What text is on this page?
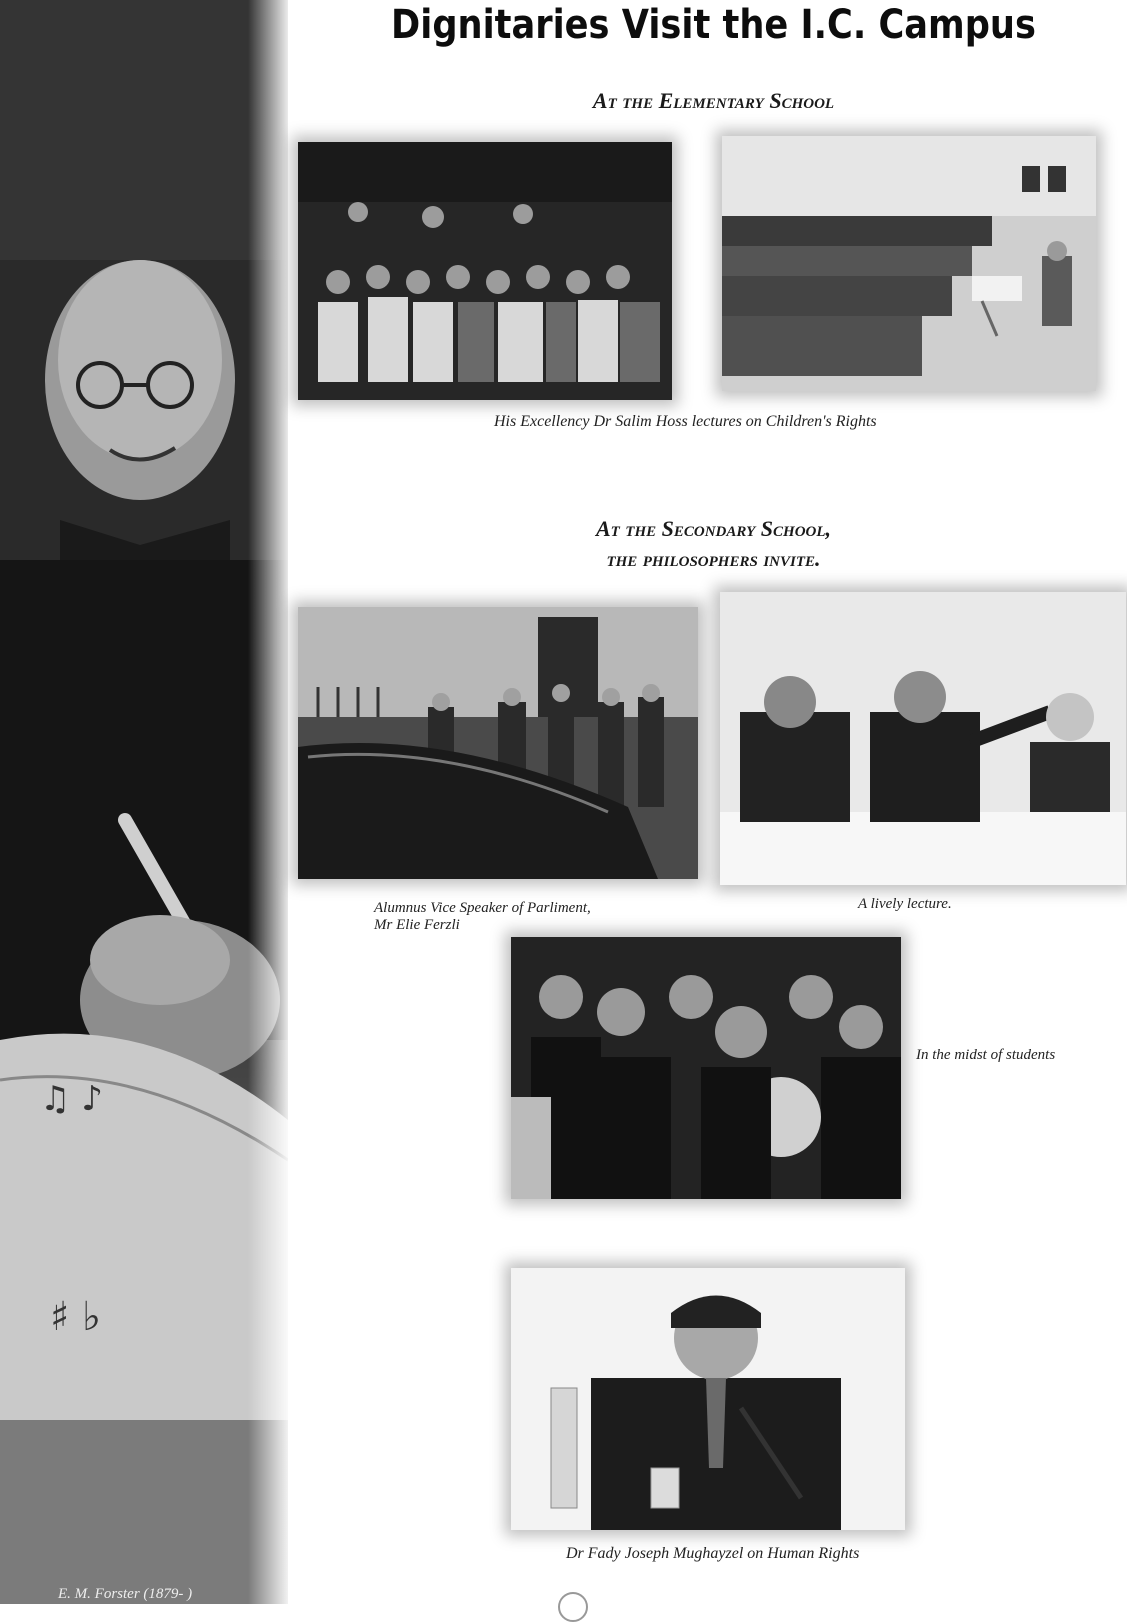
♫ ♪
♯ ♭
E. M. Forster (1879- )
Dignitaries Visit the I.C. Campus
At the Elementary School
His Excellency Dr Salim Hoss lectures on Children's Rights
At the Secondary School,
the philosophers invite.
Alumnus Vice Speaker of Parliment,
Mr Elie Ferzli
A lively lecture.
In the midst of students
Dr Fady Joseph Mughayzel on Human Rights
